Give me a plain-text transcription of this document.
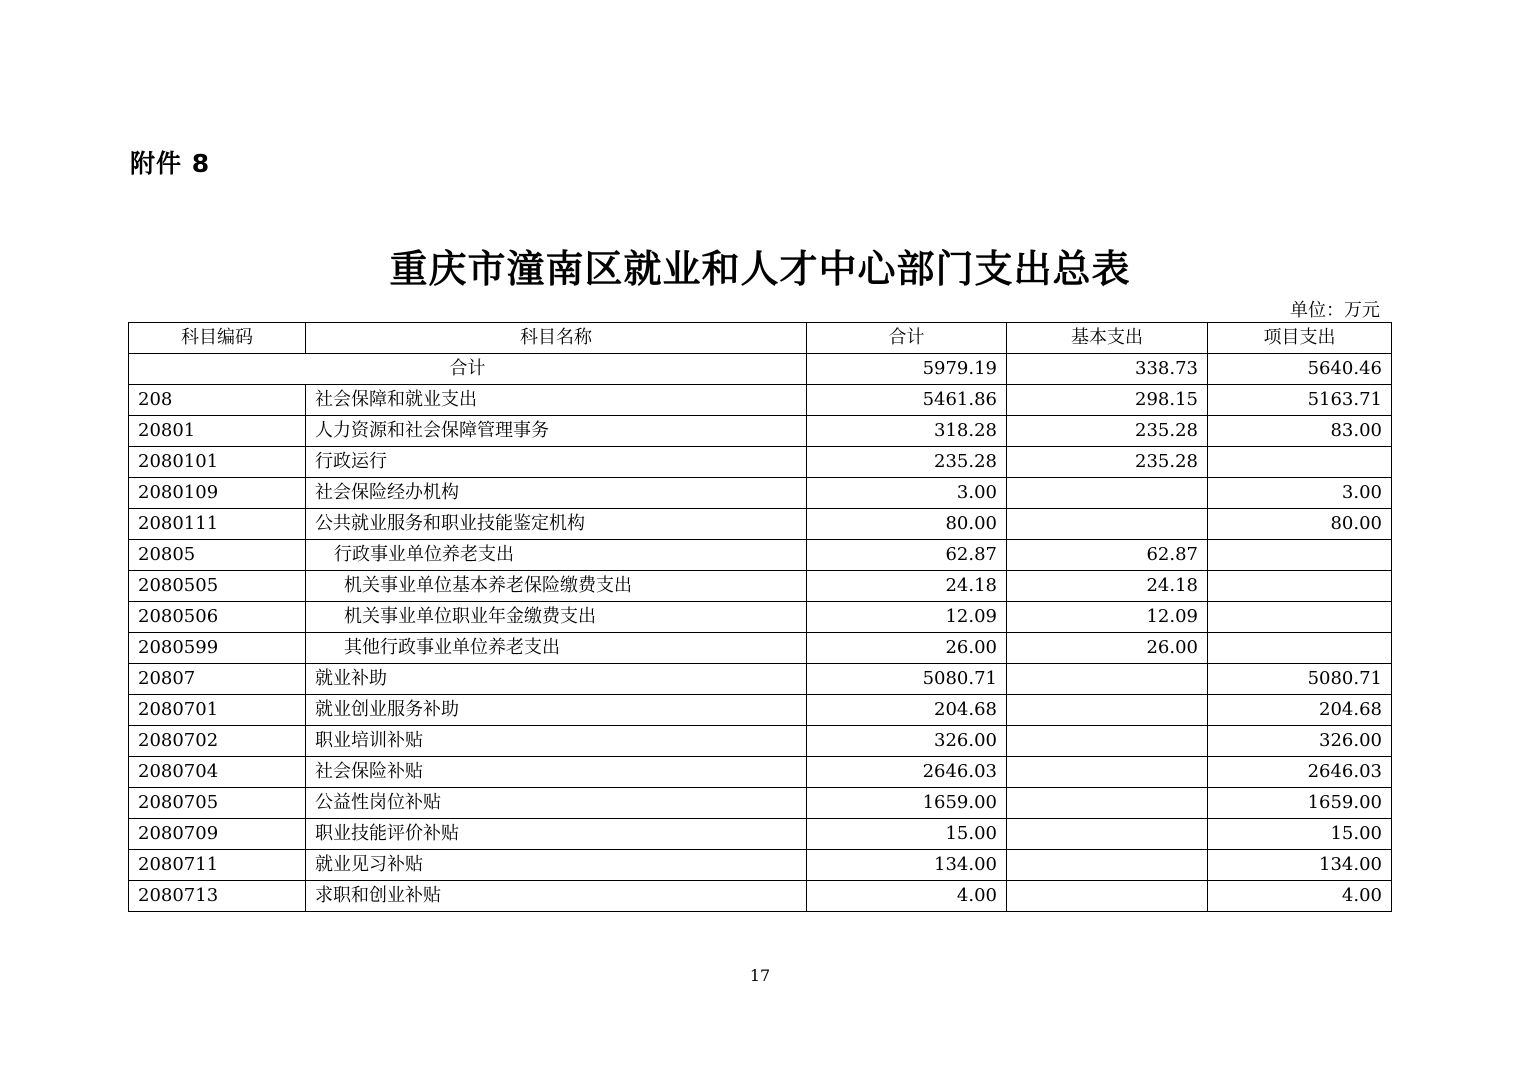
附件 8
重庆市潼南区就业和人才中心部门支出总表
单位：万元
科目编码	科目名称	合计	基本支出	项目支出
合计		5979.19	338.73	5640.46
208	社会保障和就业支出	5461.86	298.15	5163.71
20801	人力资源和社会保障管理事务	318.28	235.28	83.00
2080101	行政运行	235.28	235.28	
2080109	社会保险经办机构	3.00		3.00
2080111	公共就业服务和职业技能鉴定机构	80.00		80.00
20805	行政事业单位养老支出	62.87	62.87	
2080505	机关事业单位基本养老保险缴费支出	24.18	24.18	
2080506	机关事业单位职业年金缴费支出	12.09	12.09	
2080599	其他行政事业单位养老支出	26.00	26.00	
20807	就业补助	5080.71		5080.71
2080701	就业创业服务补助	204.68		204.68
2080702	职业培训补贴	326.00		326.00
2080704	社会保险补贴	2646.03		2646.03
2080705	公益性岗位补贴	1659.00		1659.00
2080709	职业技能评价补贴	15.00		15.00
2080711	就业见习补贴	134.00		134.00
2080713	求职和创业补贴	4.00		4.00
17
